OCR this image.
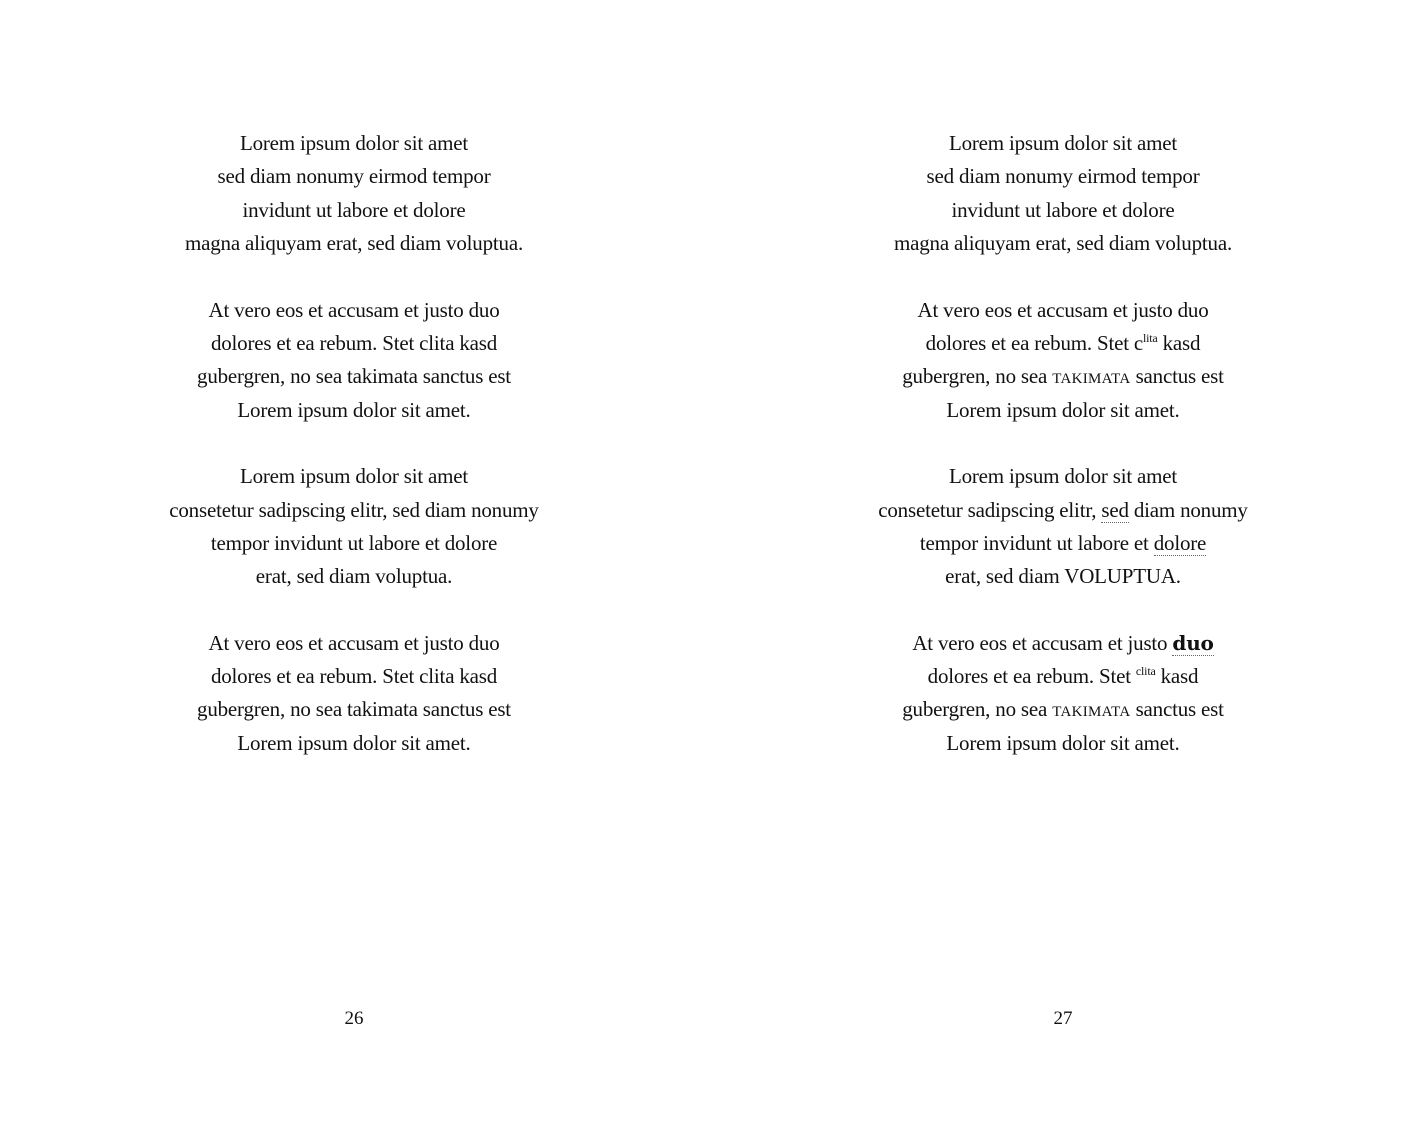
Lorem ipsum dolor sit amet
sed diam nonumy eirmod tempor
invidunt ut labore et dolore
magna aliquyam erat, sed diam voluptua.
At vero eos et accusam et justo duo
dolores et ea rebum. Stet clita kasd
gubergren, no sea takimata sanctus est
Lorem ipsum dolor sit amet.
Lorem ipsum dolor sit amet
consetetur sadipscing elitr, sed diam nonumy
tempor invidunt ut labore et dolore
erat, sed diam voluptua.
At vero eos et accusam et justo duo
dolores et ea rebum. Stet clita kasd
gubergren, no sea takimata sanctus est
Lorem ipsum dolor sit amet.
26
Lorem ipsum dolor sit amet
sed diam nonumy eirmod tempor
invidunt ut labore et dolore
magna aliquyam erat, sed diam voluptua.
At vero eos et accusam et justo duo
dolores et ea rebum. Stet $c^{lita}$ kasd
gubergren, no sea takimata sanctus est
Lorem ipsum dolor sit amet.
Lorem ipsum dolor sit amet
consetetur sadipscing elitr, sed diam nonumy
tempor invidunt ut labore et dolore
erat, sed diam VOLUPTUA.
At vero eos et accusam et justo duo
dolores et ea rebum. Stet $^{clita}$ kasd
gubergren, no sea takimata sanctus est
Lorem ipsum dolor sit amet.
27
